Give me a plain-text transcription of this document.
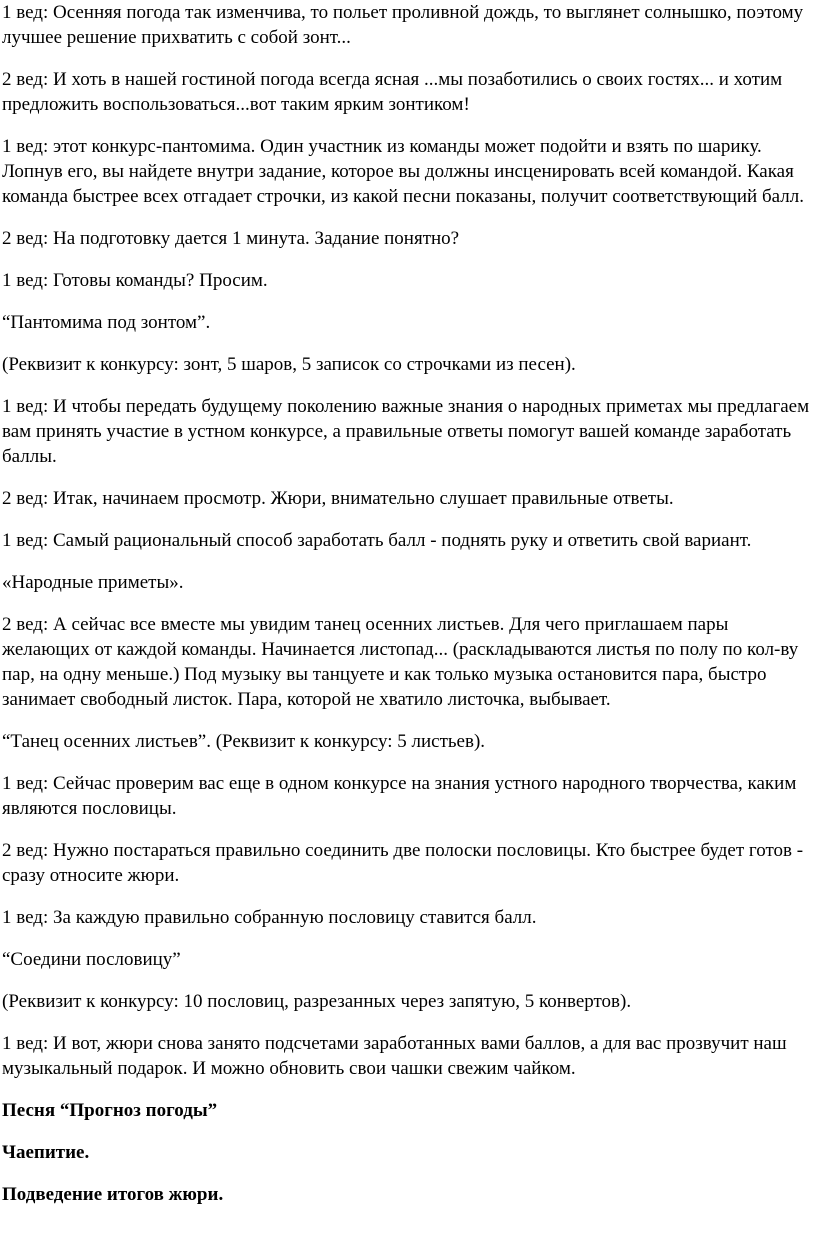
1 вед: Осенняя погода так изменчива, то польет проливной дождь, то выглянет солнышко, поэтому лучшее решение прихватить с собой зонт...

2 вед: И хоть в нашей гостиной погода всегда ясная ...мы позаботились о своих гостях... и хотим предложить воспользоваться...вот таким ярким зонтиком!

1 вед: этот конкурс-пантомима. Один участник из команды может подойти и взять по шарику. Лопнув его, вы найдете внутри задание, которое вы должны инсценировать всей командой. Какая команда быстрее всех отгадает строчки, из какой песни показаны, получит соответствующий балл.

2 вед: На подготовку дается 1 минута. Задание понятно?

1 вед: Готовы команды? Просим.

“Пантомима под зонтом”.

(Реквизит к конкурсу: зонт, 5 шаров, 5 записок со строчками из песен).

1 вед: И чтобы передать будущему поколению важные знания о народных приметах мы предлагаем вам принять участие в устном конкурсе, а правильные ответы помогут вашей команде заработать баллы.

2 вед: Итак, начинаем просмотр. Жюри, внимательно слушает правильные ответы.

1 вед: Самый рациональный способ заработать балл - поднять руку и ответить свой вариант.

«Народные приметы».

2 вед: А сейчас все вместе мы увидим танец осенних листьев. Для чего приглашаем пары желающих от каждой команды. Начинается листопад... (раскладываются листья по полу по кол-ву пар, на одну меньше.) Под музыку вы танцуете и как только музыка остановится пара, быстро занимает свободный листок. Пара, которой не хватило листочка, выбывает.

“Танец осенних листьев”. (Реквизит к конкурсу: 5 листьев).

1 вед: Сейчас проверим вас еще в одном конкурсе на знания устного народного творчества, каким являются пословицы.

2 вед: Нужно постараться правильно соединить две полоски пословицы. Кто быстрее будет готов - сразу относите жюри.

1 вед: За каждую правильно собранную пословицу ставится балл.

“Соедини пословицу”

(Реквизит к конкурсу: 10 пословиц, разрезанных через запятую, 5 конвертов).

1 вед: И вот, жюри снова занято подсчетами заработанных вами баллов, а для вас прозвучит наш музыкальный подарок. И можно обновить свои чашки свежим чайком.

Песня “Прогноз погоды”

Чаепитие.

Подведение итогов жюри.
